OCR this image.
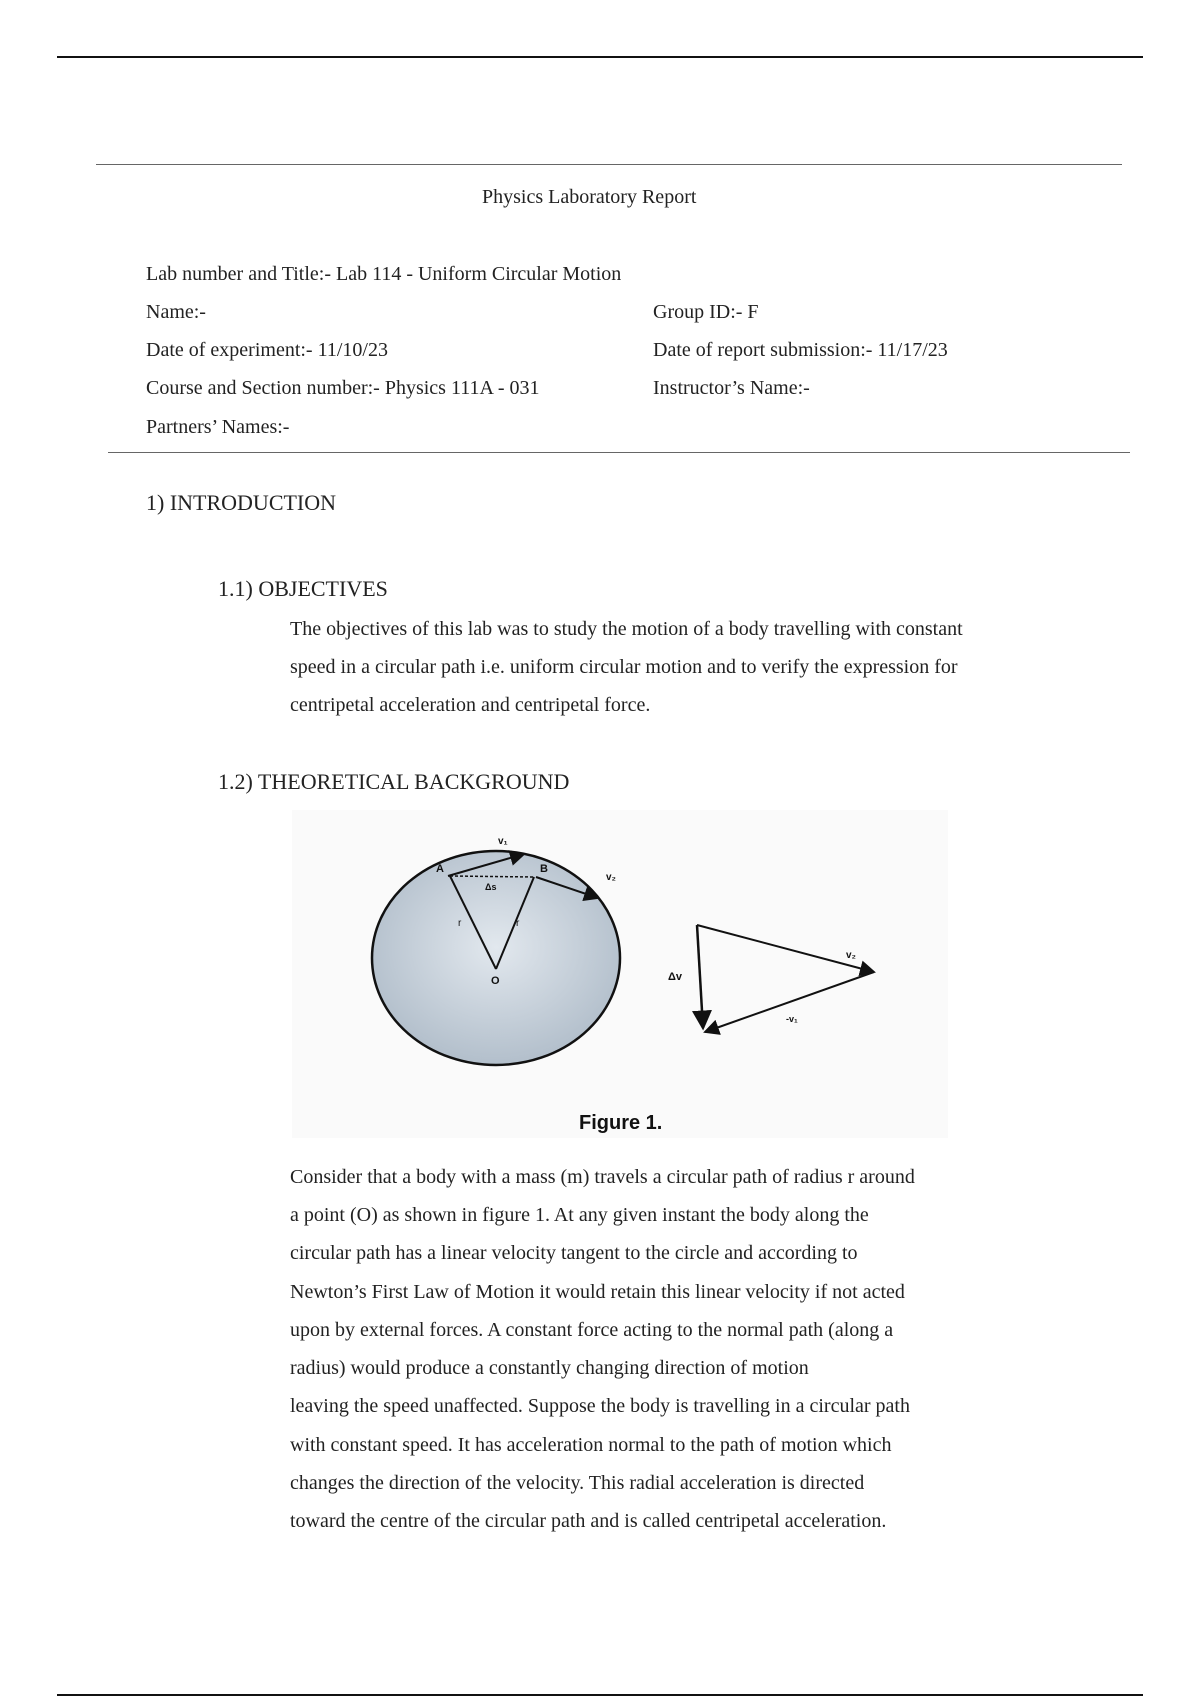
Physics Laboratory Report
Lab number and Title:- Lab 114 - Uniform Circular Motion
Name:-	Group ID:- F
Date of experiment:- 11/10/23	Date of report submission:- 11/17/23
Course and Section number:- Physics 111A - 031	Instructor’s Name:-
Partners’ Names:-
1) INTRODUCTION
1.1) OBJECTIVES
The objectives of this lab was to study the motion of a body travelling with constant
speed in a circular path i.e. uniform circular motion and to verify the expression for
centripetal acceleration and centripetal force.
1.2) THEORETICAL BACKGROUND
A	B
O
Δs
r	r
v₁
v₂
Δv
v₂
-v₁
Figure 1.
Consider that a body with a mass (m) travels a circular path of radius r around
a point (O) as shown in figure 1. At any given instant the body along the
circular path has a linear velocity tangent to the circle and according to
Newton’s First Law of Motion it would retain this linear velocity if not acted
upon by external forces. A constant force acting to the normal path (along a
radius) would produce a constantly changing direction of motion
leaving the speed unaffected. Suppose the body is travelling in a circular path
with constant speed. It has acceleration normal to the path of motion which
changes the direction of the velocity. This radial acceleration is directed
toward the centre of the circular path and is called centripetal acceleration.
